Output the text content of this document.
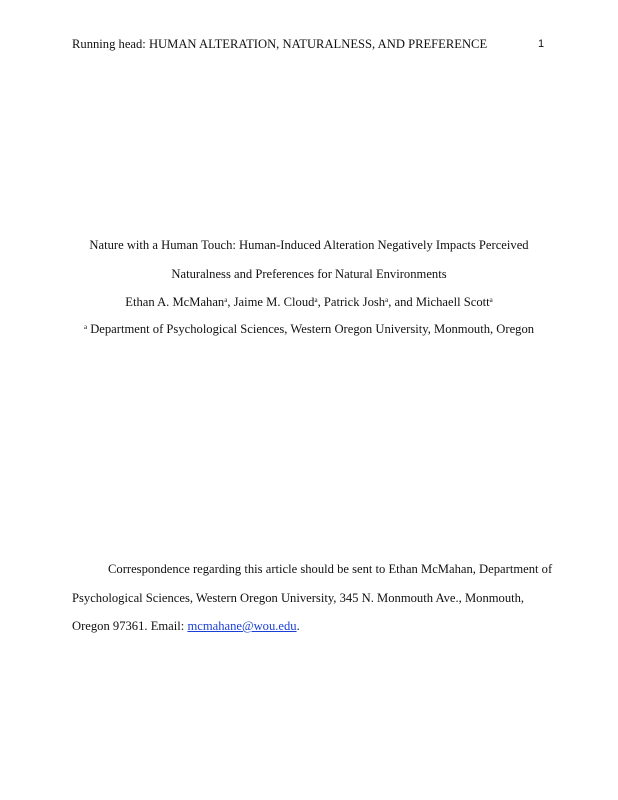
Running head: HUMAN ALTERATION, NATURALNESS, AND PREFERENCE	1
Nature with a Human Touch: Human-Induced Alteration Negatively Impacts Perceived
Naturalness and Preferences for Natural Environments
Ethan A. McMahan$^a$, Jaime M. Cloud$^a$, Patrick Josh$^a$, and Michaell Scott$^a$
$^a$ Department of Psychological Sciences, Western Oregon University, Monmouth, Oregon
Correspondence regarding this article should be sent to Ethan McMahan, Department of
Psychological Sciences, Western Oregon University, 345 N. Monmouth Ave., Monmouth,
Oregon 97361. Email: mcmahane@wou.edu.
